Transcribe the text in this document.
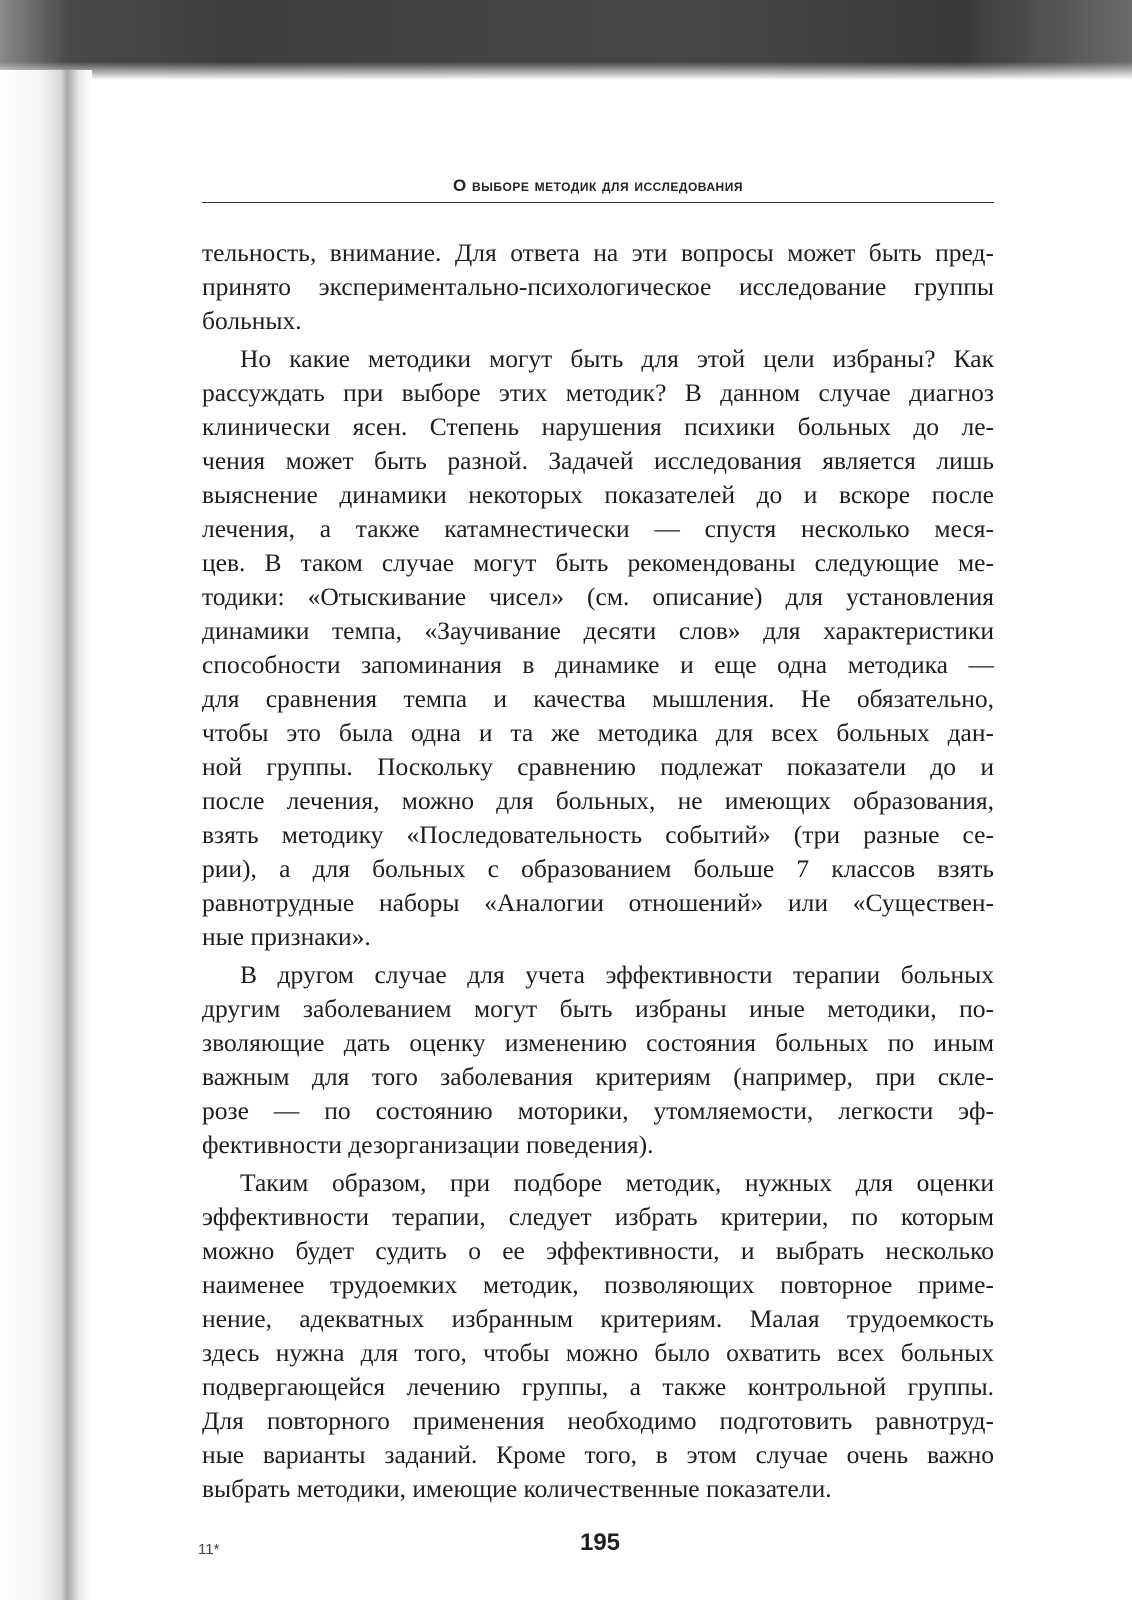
О выборе методик для исследования
тельность, внимание. Для ответа на эти вопросы может быть пред-
принято экспериментально-психологическое исследование группы
больных.
Но какие методики могут быть для этой цели избраны? Как
рассуждать при выборе этих методик? В данном случае диагноз
клинически ясен. Степень нарушения психики больных до ле-
чения может быть разной. Задачей исследования является лишь
выяснение динамики некоторых показателей до и вскоре после
лечения, а также катамнестически — спустя несколько меся-
цев. В таком случае могут быть рекомендованы следующие ме-
тодики: «Отыскивание чисел» (см. описание) для установления
динамики темпа, «Заучивание десяти слов» для характеристики
способности запоминания в динамике и еще одна методика —
для сравнения темпа и качества мышления. Не обязательно,
чтобы это была одна и та же методика для всех больных дан-
ной группы. Поскольку сравнению подлежат показатели до и
после лечения, можно для больных, не имеющих образования,
взять методику «Последовательность событий» (три разные се-
рии), а для больных с образованием больше 7 классов взять
равнотрудные наборы «Аналогии отношений» или «Существен-
ные признаки».
В другом случае для учета эффективности терапии больных
другим заболеванием могут быть избраны иные методики, по-
зволяющие дать оценку изменению состояния больных по иным
важным для того заболевания критериям (например, при скле-
розе — по состоянию моторики, утомляемости, легкости эф-
фективности дезорганизации поведения).
Таким образом, при подборе методик, нужных для оценки
эффективности терапии, следует избрать критерии, по которым
можно будет судить о ее эффективности, и выбрать несколько
наименее трудоемких методик, позволяющих повторное приме-
нение, адекватных избранным критериям. Малая трудоемкость
здесь нужна для того, чтобы можно было охватить всех больных
подвергающейся лечению группы, а также контрольной группы.
Для повторного применения необходимо подготовить равнотруд-
ные варианты заданий. Кроме того, в этом случае очень важно
выбрать методики, имеющие количественные показатели.
11*	195
